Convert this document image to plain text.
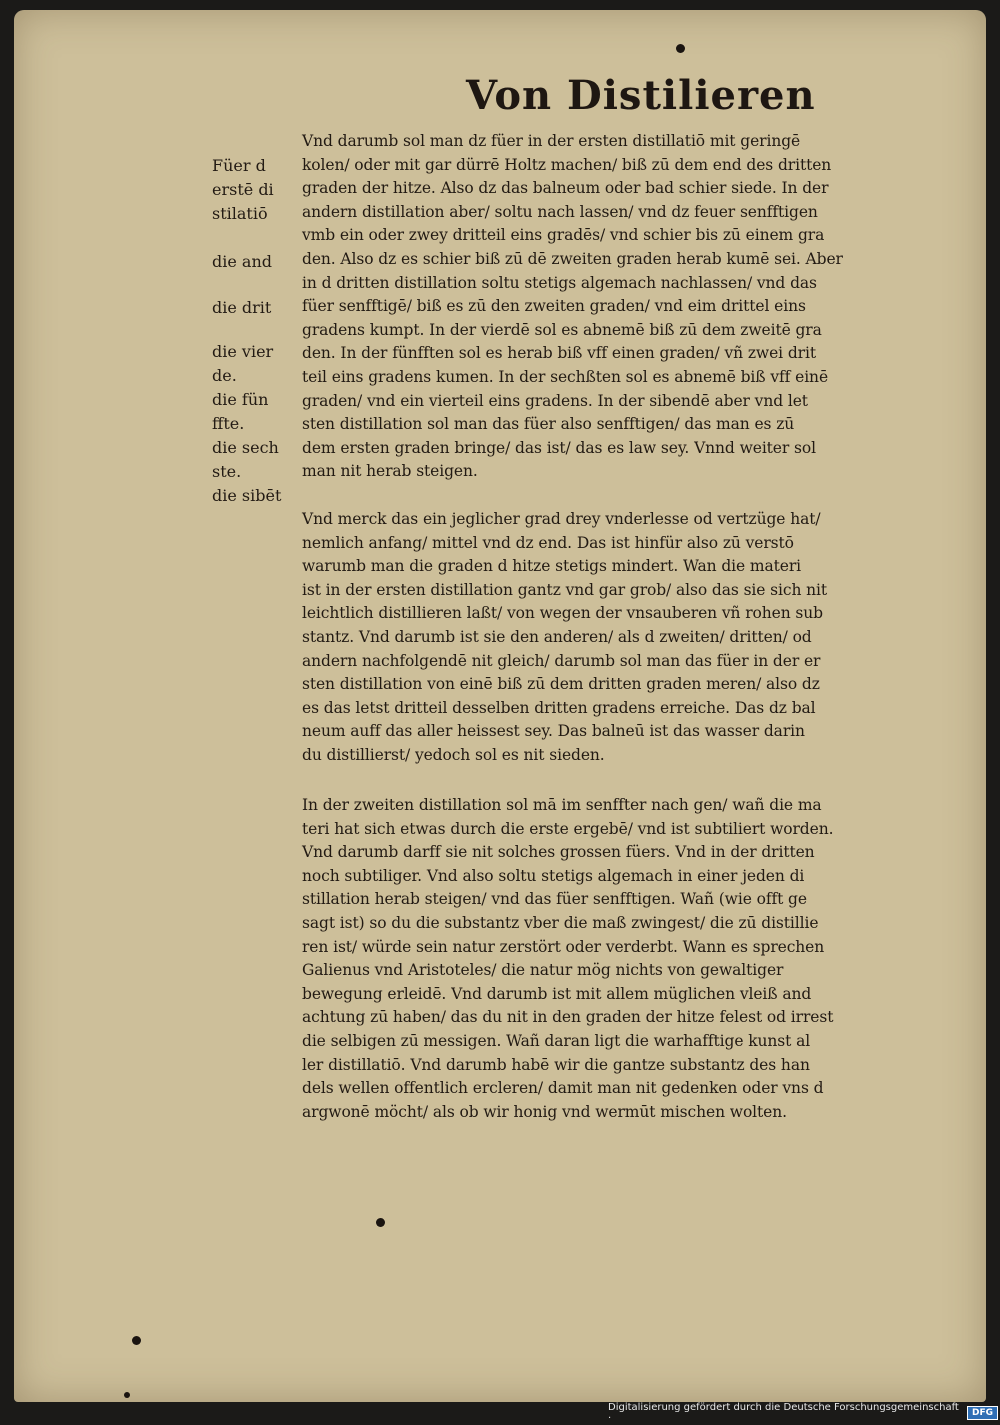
Von Distilieren
Füer d
erstē di
stilatiō
die and
die drit
die vier
de.
die fün
ffte.
die sech
ste.
die sibēt
Vnd darumb sol man dz füer in der ersten distillatiō mit geringē
kolen/ oder mit gar dürrē Holtz machen/ biß zū dem end des dritten
graden der hitze. Also dz das balneum oder bad schier siede. In der
andern distillation aber/ soltu nach lassen/ vnd dz feuer senfftigen
vmb ein oder zwey dritteil eins gradēs/ vnd schier bis zū einem gra
den. Also dz es schier biß zū dē zweiten graden herab kumē sei. Aber
in d dritten distillation soltu stetigs algemach nachlassen/ vnd das
füer senfftigē/ biß es zū den zweiten graden/ vnd eim drittel eins
gradens kumpt. In der vierdē sol es abnemē biß zū dem zweitē gra
den. In der fünfften sol es herab biß vff einen graden/ vñ zwei drit
teil eins gradens kumen. In der sechßten sol es abnemē biß vff einē
graden/ vnd ein vierteil eins gradens. In der sibendē aber vnd let
sten distillation sol man das füer also senfftigen/ das man es zū
dem ersten graden bringe/ das ist/ das es law sey. Vnnd weiter sol
man nit herab steigen.
Vnd merck das ein jeglicher grad drey vnderlesse od vertzüge hat/
nemlich anfang/ mittel vnd dz end. Das ist hinfür also zū verstō
warumb man die graden d hitze stetigs mindert. Wan die materi
ist in der ersten distillation gantz vnd gar grob/ also das sie sich nit
leichtlich distillieren laßt/ von wegen der vnsauberen vñ rohen sub
stantz. Vnd darumb ist sie den anderen/ als d zweiten/ dritten/ od
andern nachfolgendē nit gleich/ darumb sol man das füer in der er
sten distillation von einē biß zū dem dritten graden meren/ also dz
es das letst dritteil desselben dritten gradens erreiche. Das dz bal
neum auff das aller heissest sey. Das balneū ist das wasser darin
du distillierst/ yedoch sol es nit sieden.
In der zweiten distillation sol mā im senffter nach gen/ wañ die ma
teri hat sich etwas durch die erste ergebē/ vnd ist subtiliert worden.
Vnd darumb darff sie nit solches grossen füers. Vnd in der dritten
noch subtiliger. Vnd also soltu stetigs algemach in einer jeden di
stillation herab steigen/ vnd das füer senfftigen. Wañ (wie offt ge
sagt ist) so du die substantz vber die maß zwingest/ die zū distillie
ren ist/ würde sein natur zerstört oder verderbt. Wann es sprechen
Galienus vnd Aristoteles/ die natur mög nichts von gewaltiger
bewegung erleidē. Vnd darumb ist mit allem müglichen vleiß and
achtung zū haben/ das du nit in den graden der hitze felest od irrest
die selbigen zū messigen. Wañ daran ligt die warhafftige kunst al
ler distillatiō. Vnd darumb habē wir die gantze substantz des han
dels wellen offentlich ercleren/ damit man nit gedenken oder vns d
argwonē möcht/ als ob wir honig vnd wermūt mischen wolten.
Digitalisierung gefördert durch die Deutsche Forschungsgemeinschaft ·	DFG
